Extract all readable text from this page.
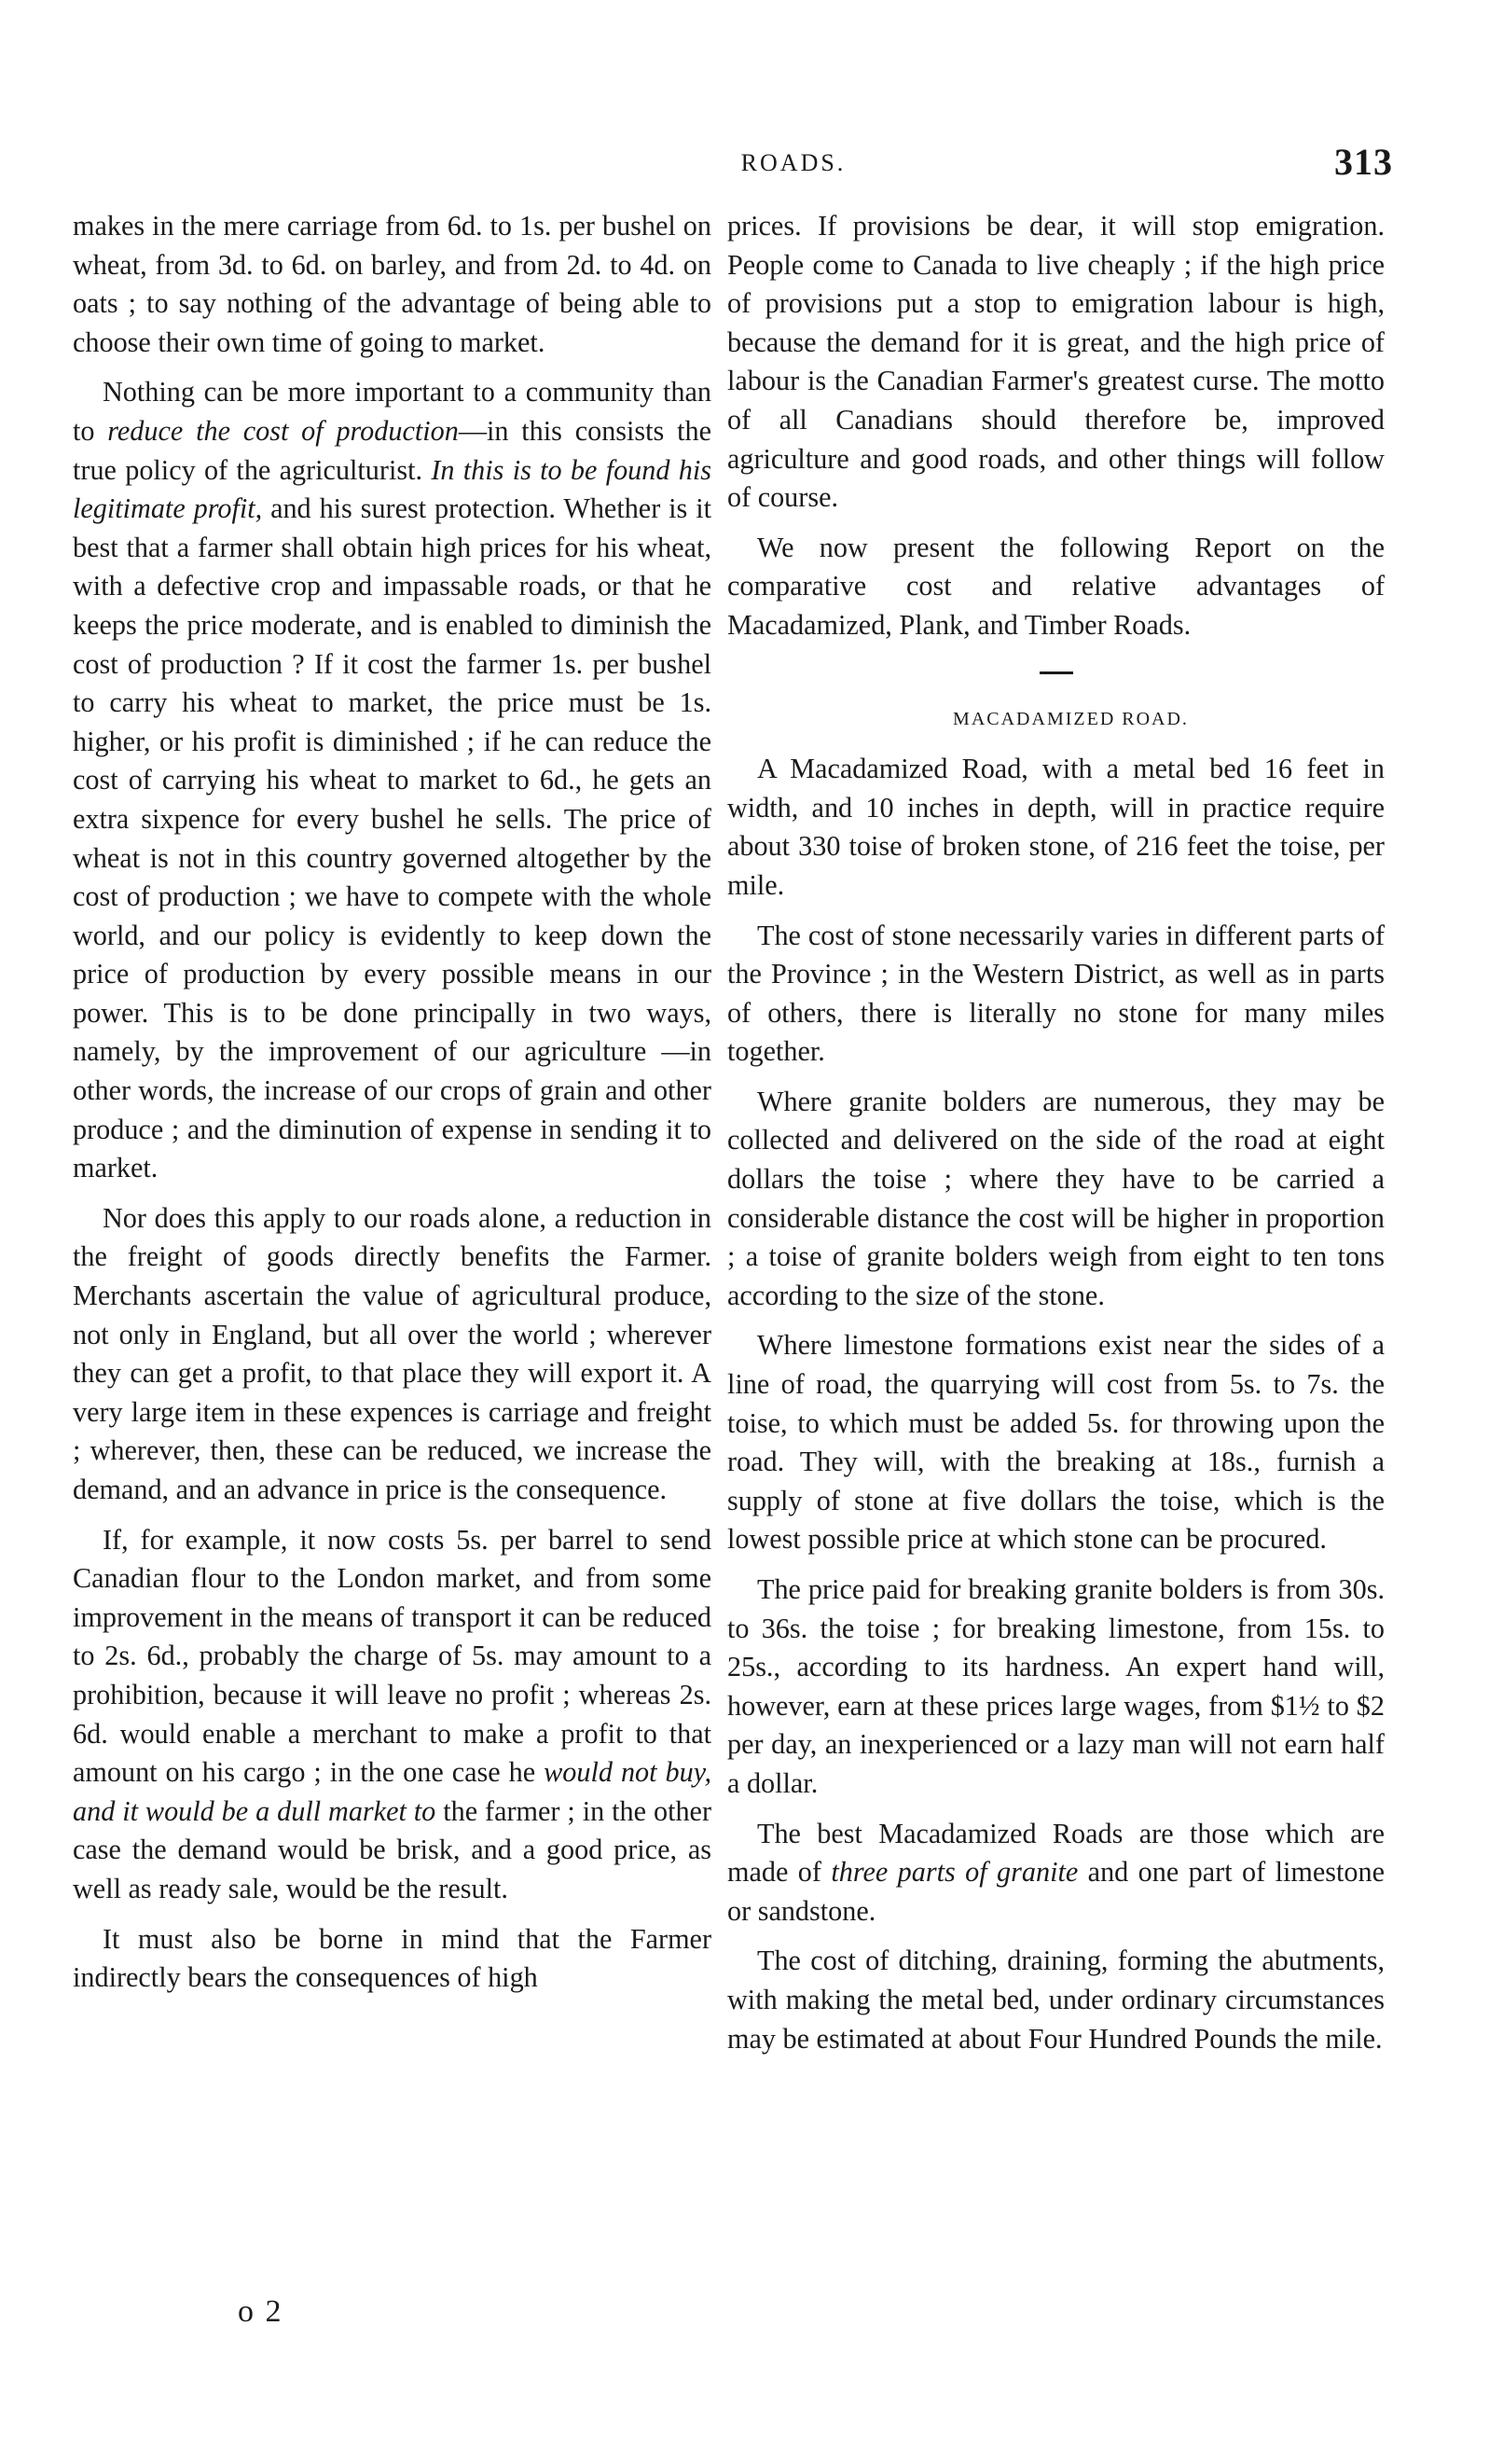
ROADS.	313

makes in the mere carriage from 6d. to 1s. per bushel on wheat, from 3d. to 6d. on barley, and from 2d. to 4d. on oats ; to say nothing of the advantage of being able to choose their own time of going to market.

Nothing can be more important to a community than to reduce the cost of production—in this consists the true policy of the agriculturist. In this is to be found his legitimate profit, and his surest protection. Whether is it best that a farmer shall obtain high prices for his wheat, with a defective crop and impassable roads, or that he keeps the price moderate, and is enabled to diminish the cost of production ? If it cost the farmer 1s. per bushel to carry his wheat to market, the price must be 1s. higher, or his profit is diminished ; if he can reduce the cost of carrying his wheat to market to 6d., he gets an extra sixpence for every bushel he sells. The price of wheat is not in this country governed altogether by the cost of production ; we have to compete with the whole world, and our policy is evidently to keep down the price of production by every possible means in our power. This is to be done principally in two ways, namely, by the improvement of our agriculture —in other words, the increase of our crops of grain and other produce ; and the diminution of expense in sending it to market.

Nor does this apply to our roads alone, a reduction in the freight of goods directly benefits the Farmer. Merchants ascertain the value of agricultural produce, not only in England, but all over the world ; wherever they can get a profit, to that place they will export it. A very large item in these expences is carriage and freight ; wherever, then, these can be reduced, we increase the demand, and an advance in price is the consequence.

If, for example, it now costs 5s. per barrel to send Canadian flour to the London market, and from some improvement in the means of transport it can be reduced to 2s. 6d., probably the charge of 5s. may amount to a prohibition, because it will leave no profit ; whereas 2s. 6d. would enable a merchant to make a profit to that amount on his cargo ; in the one case he would not buy, and it would be a dull market to the farmer ; in the other case the demand would be brisk, and a good price, as well as ready sale, would be the result.

It must also be borne in mind that the Farmer indirectly bears the consequences of high

prices. If provisions be dear, it will stop emigration. People come to Canada to live cheaply ; if the high price of provisions put a stop to emigration labour is high, because the demand for it is great, and the high price of labour is the Canadian Farmer's greatest curse. The motto of all Canadians should therefore be, improved agriculture and good roads, and other things will follow of course.

We now present the following Report on the comparative cost and relative advantages of Macadamized, Plank, and Timber Roads.

MACADAMIZED ROAD.

A Macadamized Road, with a metal bed 16 feet in width, and 10 inches in depth, will in practice require about 330 toise of broken stone, of 216 feet the toise, per mile.

The cost of stone necessarily varies in different parts of the Province ; in the Western District, as well as in parts of others, there is literally no stone for many miles together.

Where granite bolders are numerous, they may be collected and delivered on the side of the road at eight dollars the toise ; where they have to be carried a considerable distance the cost will be higher in proportion ; a toise of granite bolders weigh from eight to ten tons according to the size of the stone.

Where limestone formations exist near the sides of a line of road, the quarrying will cost from 5s. to 7s. the toise, to which must be added 5s. for throwing upon the road. They will, with the breaking at 18s., furnish a supply of stone at five dollars the toise, which is the lowest possible price at which stone can be procured.

The price paid for breaking granite bolders is from 30s. to 36s. the toise ; for breaking limestone, from 15s. to 25s., according to its hardness. An expert hand will, however, earn at these prices large wages, from $1½ to $2 per day, an inexperienced or a lazy man will not earn half a dollar.

The best Macadamized Roads are those which are made of three parts of granite and one part of limestone or sandstone.

The cost of ditching, draining, forming the abutments, with making the metal bed, under ordinary circumstances may be estimated at about Four Hundred Pounds the mile.

o 2
